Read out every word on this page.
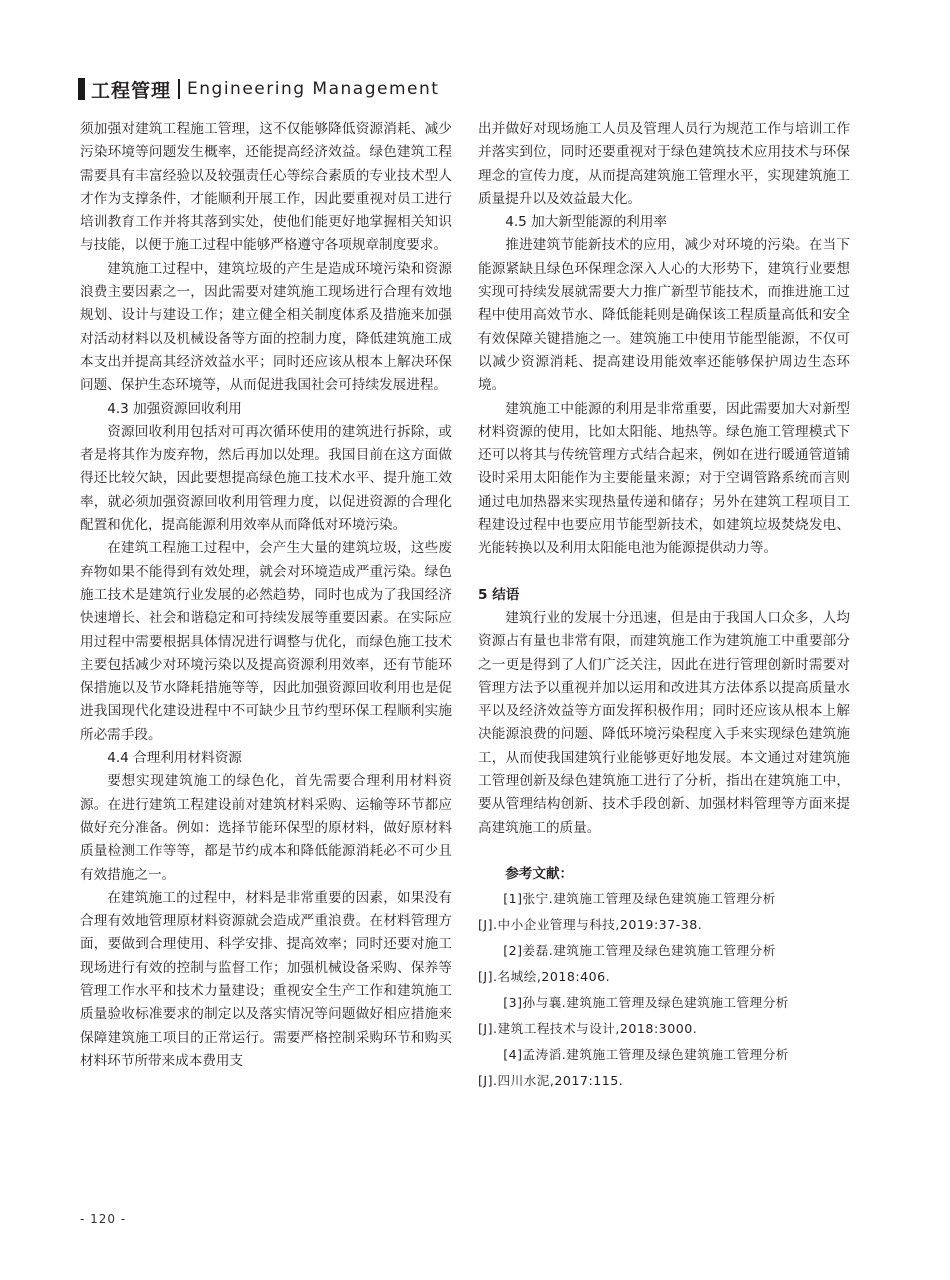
工程管理 Engineering Management

须加强对建筑工程施工管理，这不仅能够降低资源消耗、减少污染环境等问题发生概率，还能提高经济效益。绿色建筑工程需要具有丰富经验以及较强责任心等综合素质的专业技术型人才作为支撑条件，才能顺利开展工作，因此要重视对员工进行培训教育工作并将其落到实处，使他们能更好地掌握相关知识与技能，以便于施工过程中能够严格遵守各项规章制度要求。

建筑施工过程中，建筑垃圾的产生是造成环境污染和资源浪费主要因素之一，因此需要对建筑施工现场进行合理有效地规划、设计与建设工作；建立健全相关制度体系及措施来加强对活动材料以及机械设备等方面的控制力度，降低建筑施工成本支出并提高其经济效益水平；同时还应该从根本上解决环保问题、保护生态环境等，从而促进我国社会可持续发展进程。

4.3 加强资源回收利用

资源回收利用包括对可再次循环使用的建筑进行拆除，或者是将其作为废弃物，然后再加以处理。我国目前在这方面做得还比较欠缺，因此要想提高绿色施工技术水平、提升施工效率，就必须加强资源回收利用管理力度，以促进资源的合理化配置和优化，提高能源利用效率从而降低对环境污染。

在建筑工程施工过程中，会产生大量的建筑垃圾，这些废弃物如果不能得到有效处理，就会对环境造成严重污染。绿色施工技术是建筑行业发展的必然趋势，同时也成为了我国经济快速增长、社会和谐稳定和可持续发展等重要因素。在实际应用过程中需要根据具体情况进行调整与优化，而绿色施工技术主要包括减少对环境污染以及提高资源利用效率，还有节能环保措施以及节水降耗措施等等，因此加强资源回收利用也是促进我国现代化建设进程中不可缺少且节约型环保工程顺利实施所必需手段。

4.4 合理利用材料资源

要想实现建筑施工的绿色化，首先需要合理利用材料资源。在进行建筑工程建设前对建筑材料采购、运输等环节都应做好充分准备。例如：选择节能环保型的原材料，做好原材料质量检测工作等等，都是节约成本和降低能源消耗必不可少且有效措施之一。

在建筑施工的过程中，材料是非常重要的因素，如果没有合理有效地管理原材料资源就会造成严重浪费。在材料管理方面，要做到合理使用、科学安排、提高效率；同时还要对施工现场进行有效的控制与监督工作；加强机械设备采购、保养等管理工作水平和技术力量建设；重视安全生产工作和建筑施工质量验收标准要求的制定以及落实情况等问题做好相应措施来保障建筑施工项目的正常运行。需要严格控制采购环节和购买材料环节所带来成本费用支

出并做好对现场施工人员及管理人员行为规范工作与培训工作并落实到位，同时还要重视对于绿色建筑技术应用技术与环保理念的宣传力度，从而提高建筑施工管理水平，实现建筑施工质量提升以及效益最大化。

4.5 加大新型能源的利用率

推进建筑节能新技术的应用，减少对环境的污染。在当下能源紧缺且绿色环保理念深入人心的大形势下，建筑行业要想实现可持续发展就需要大力推广新型节能技术，而推进施工过程中使用高效节水、降低能耗则是确保该工程质量高低和安全有效保障关键措施之一。建筑施工中使用节能型能源，不仅可以减少资源消耗、提高建设用能效率还能够保护周边生态环境。

建筑施工中能源的利用是非常重要，因此需要加大对新型材料资源的使用，比如太阳能、地热等。绿色施工管理模式下还可以将其与传统管理方式结合起来，例如在进行暖通管道铺设时采用太阳能作为主要能量来源；对于空调管路系统而言则通过电加热器来实现热量传递和储存；另外在建筑工程项目工程建设过程中也要应用节能型新技术，如建筑垃圾焚烧发电、光能转换以及利用太阳能电池为能源提供动力等。

5 结语

建筑行业的发展十分迅速，但是由于我国人口众多，人均资源占有量也非常有限，而建筑施工作为建筑施工中重要部分之一更是得到了人们广泛关注，因此在进行管理创新时需要对管理方法予以重视并加以运用和改进其方法体系以提高质量水平以及经济效益等方面发挥积极作用；同时还应该从根本上解决能源浪费的问题、降低环境污染程度入手来实现绿色建筑施工，从而使我国建筑行业能够更好地发展。本文通过对建筑施工管理创新及绿色建筑施工进行了分析，指出在建筑施工中，要从管理结构创新、技术手段创新、加强材料管理等方面来提高建筑施工的质量。

参考文献：

[1]张宁.建筑施工管理及绿色建筑施工管理分析
[J].中小企业管理与科技,2019:37-38.
[2]姜磊.建筑施工管理及绿色建筑施工管理分析
[J].名城绘,2018:406.
[3]孙与襄.建筑施工管理及绿色建筑施工管理分析
[J].建筑工程技术与设计,2018:3000.
[4]孟涛滔.建筑施工管理及绿色建筑施工管理分析
[J].四川水泥,2017:115.
- 120 -
